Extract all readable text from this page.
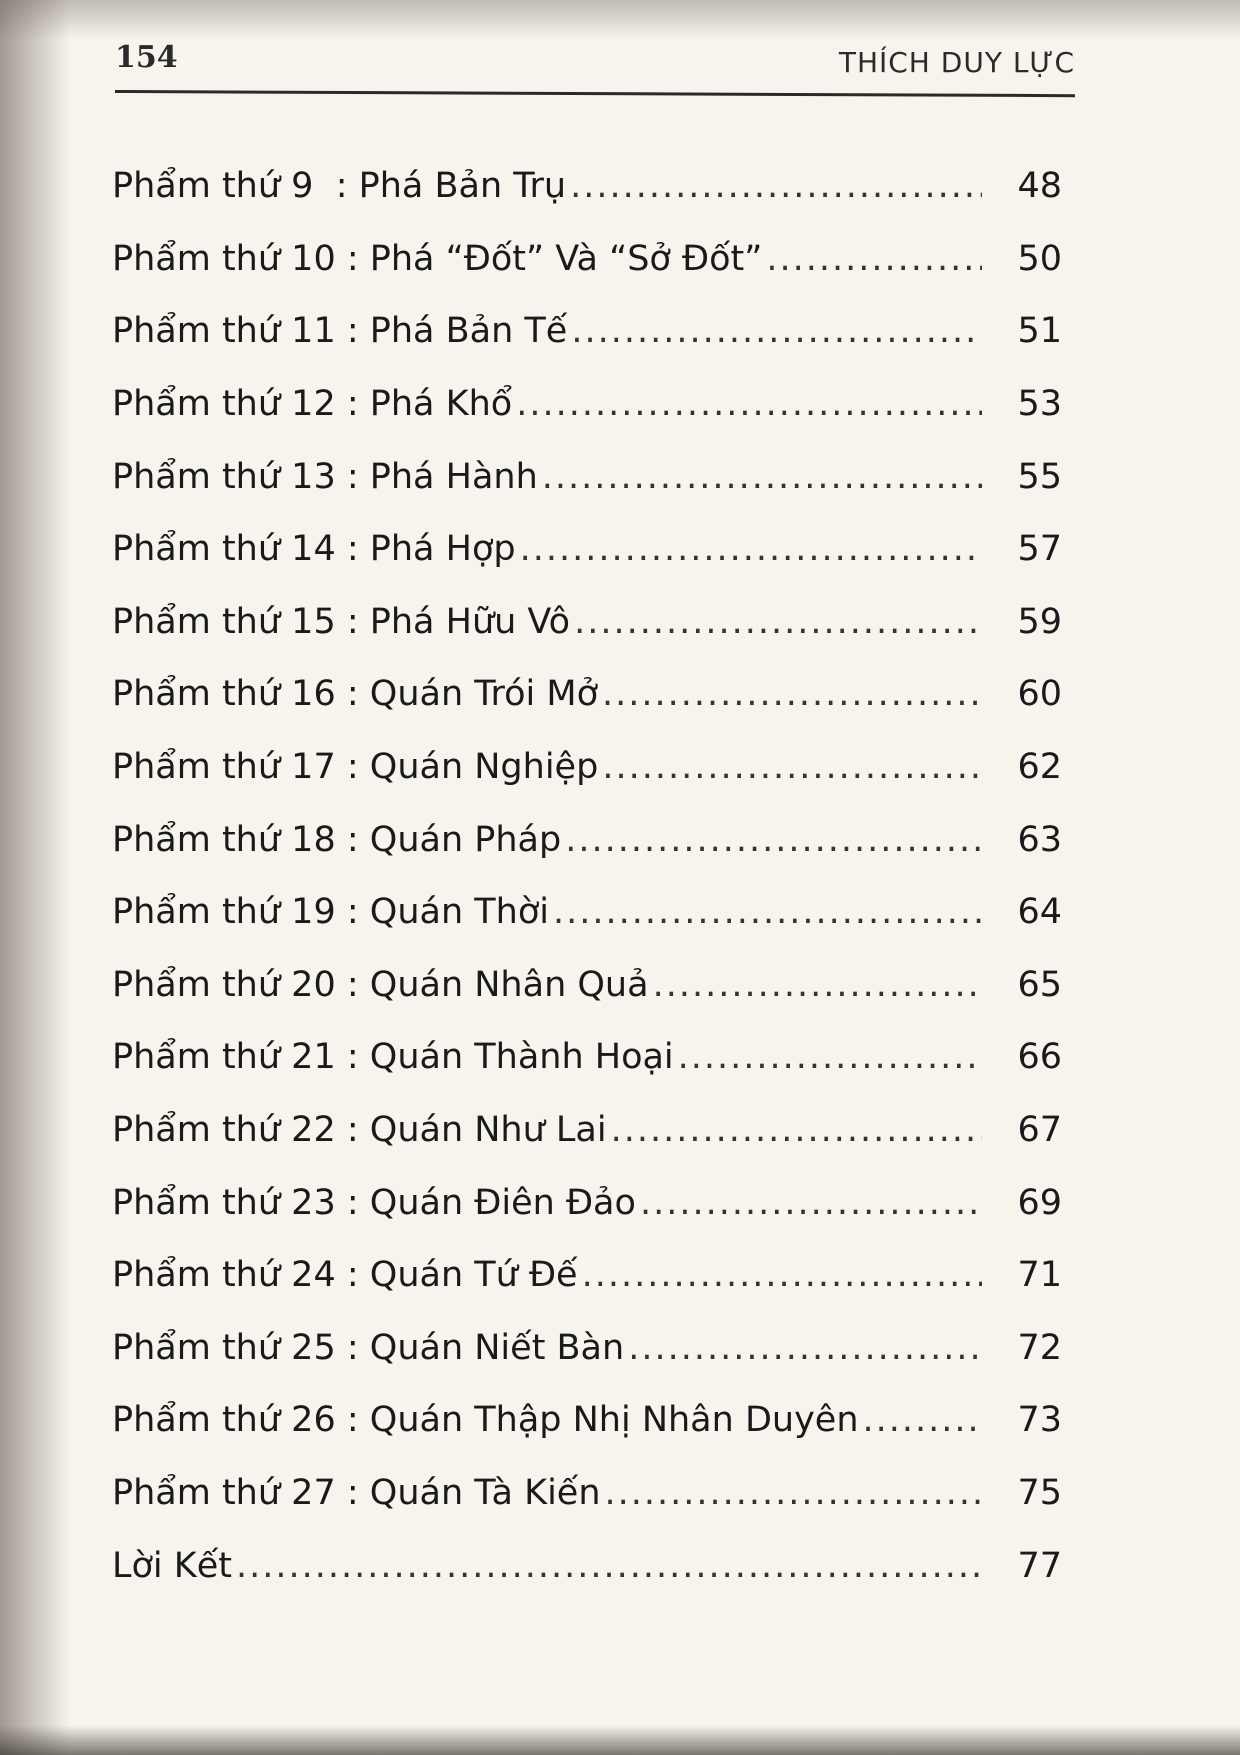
154	THÍCH DUY LỰC
Phẩm thứ 9 : Phá Bản Trụ .....	48
Phẩm thứ 10 : Phá “Đốt” Và “Sở Đốt” .....	50
Phẩm thứ 11 : Phá Bản Tế .....	51
Phẩm thứ 12 : Phá Khổ .....	53
Phẩm thứ 13 : Phá Hành .....	55
Phẩm thứ 14 : Phá Hợp .....	57
Phẩm thứ 15 : Phá Hữu Vô .....	59
Phẩm thứ 16 : Quán Trói Mở .....	60
Phẩm thứ 17 : Quán Nghiệp .....	62
Phẩm thứ 18 : Quán Pháp .....	63
Phẩm thứ 19 : Quán Thời .....	64
Phẩm thứ 20 : Quán Nhân Quả .....	65
Phẩm thứ 21 : Quán Thành Hoại .....	66
Phẩm thứ 22 : Quán Như Lai .....	67
Phẩm thứ 23 : Quán Điên Đảo .....	69
Phẩm thứ 24 : Quán Tứ Đế .....	71
Phẩm thứ 25 : Quán Niết Bàn .....	72
Phẩm thứ 26 : Quán Thập Nhị Nhân Duyên .....	73
Phẩm thứ 27 : Quán Tà Kiến .....	75
Lời Kết .....	77
